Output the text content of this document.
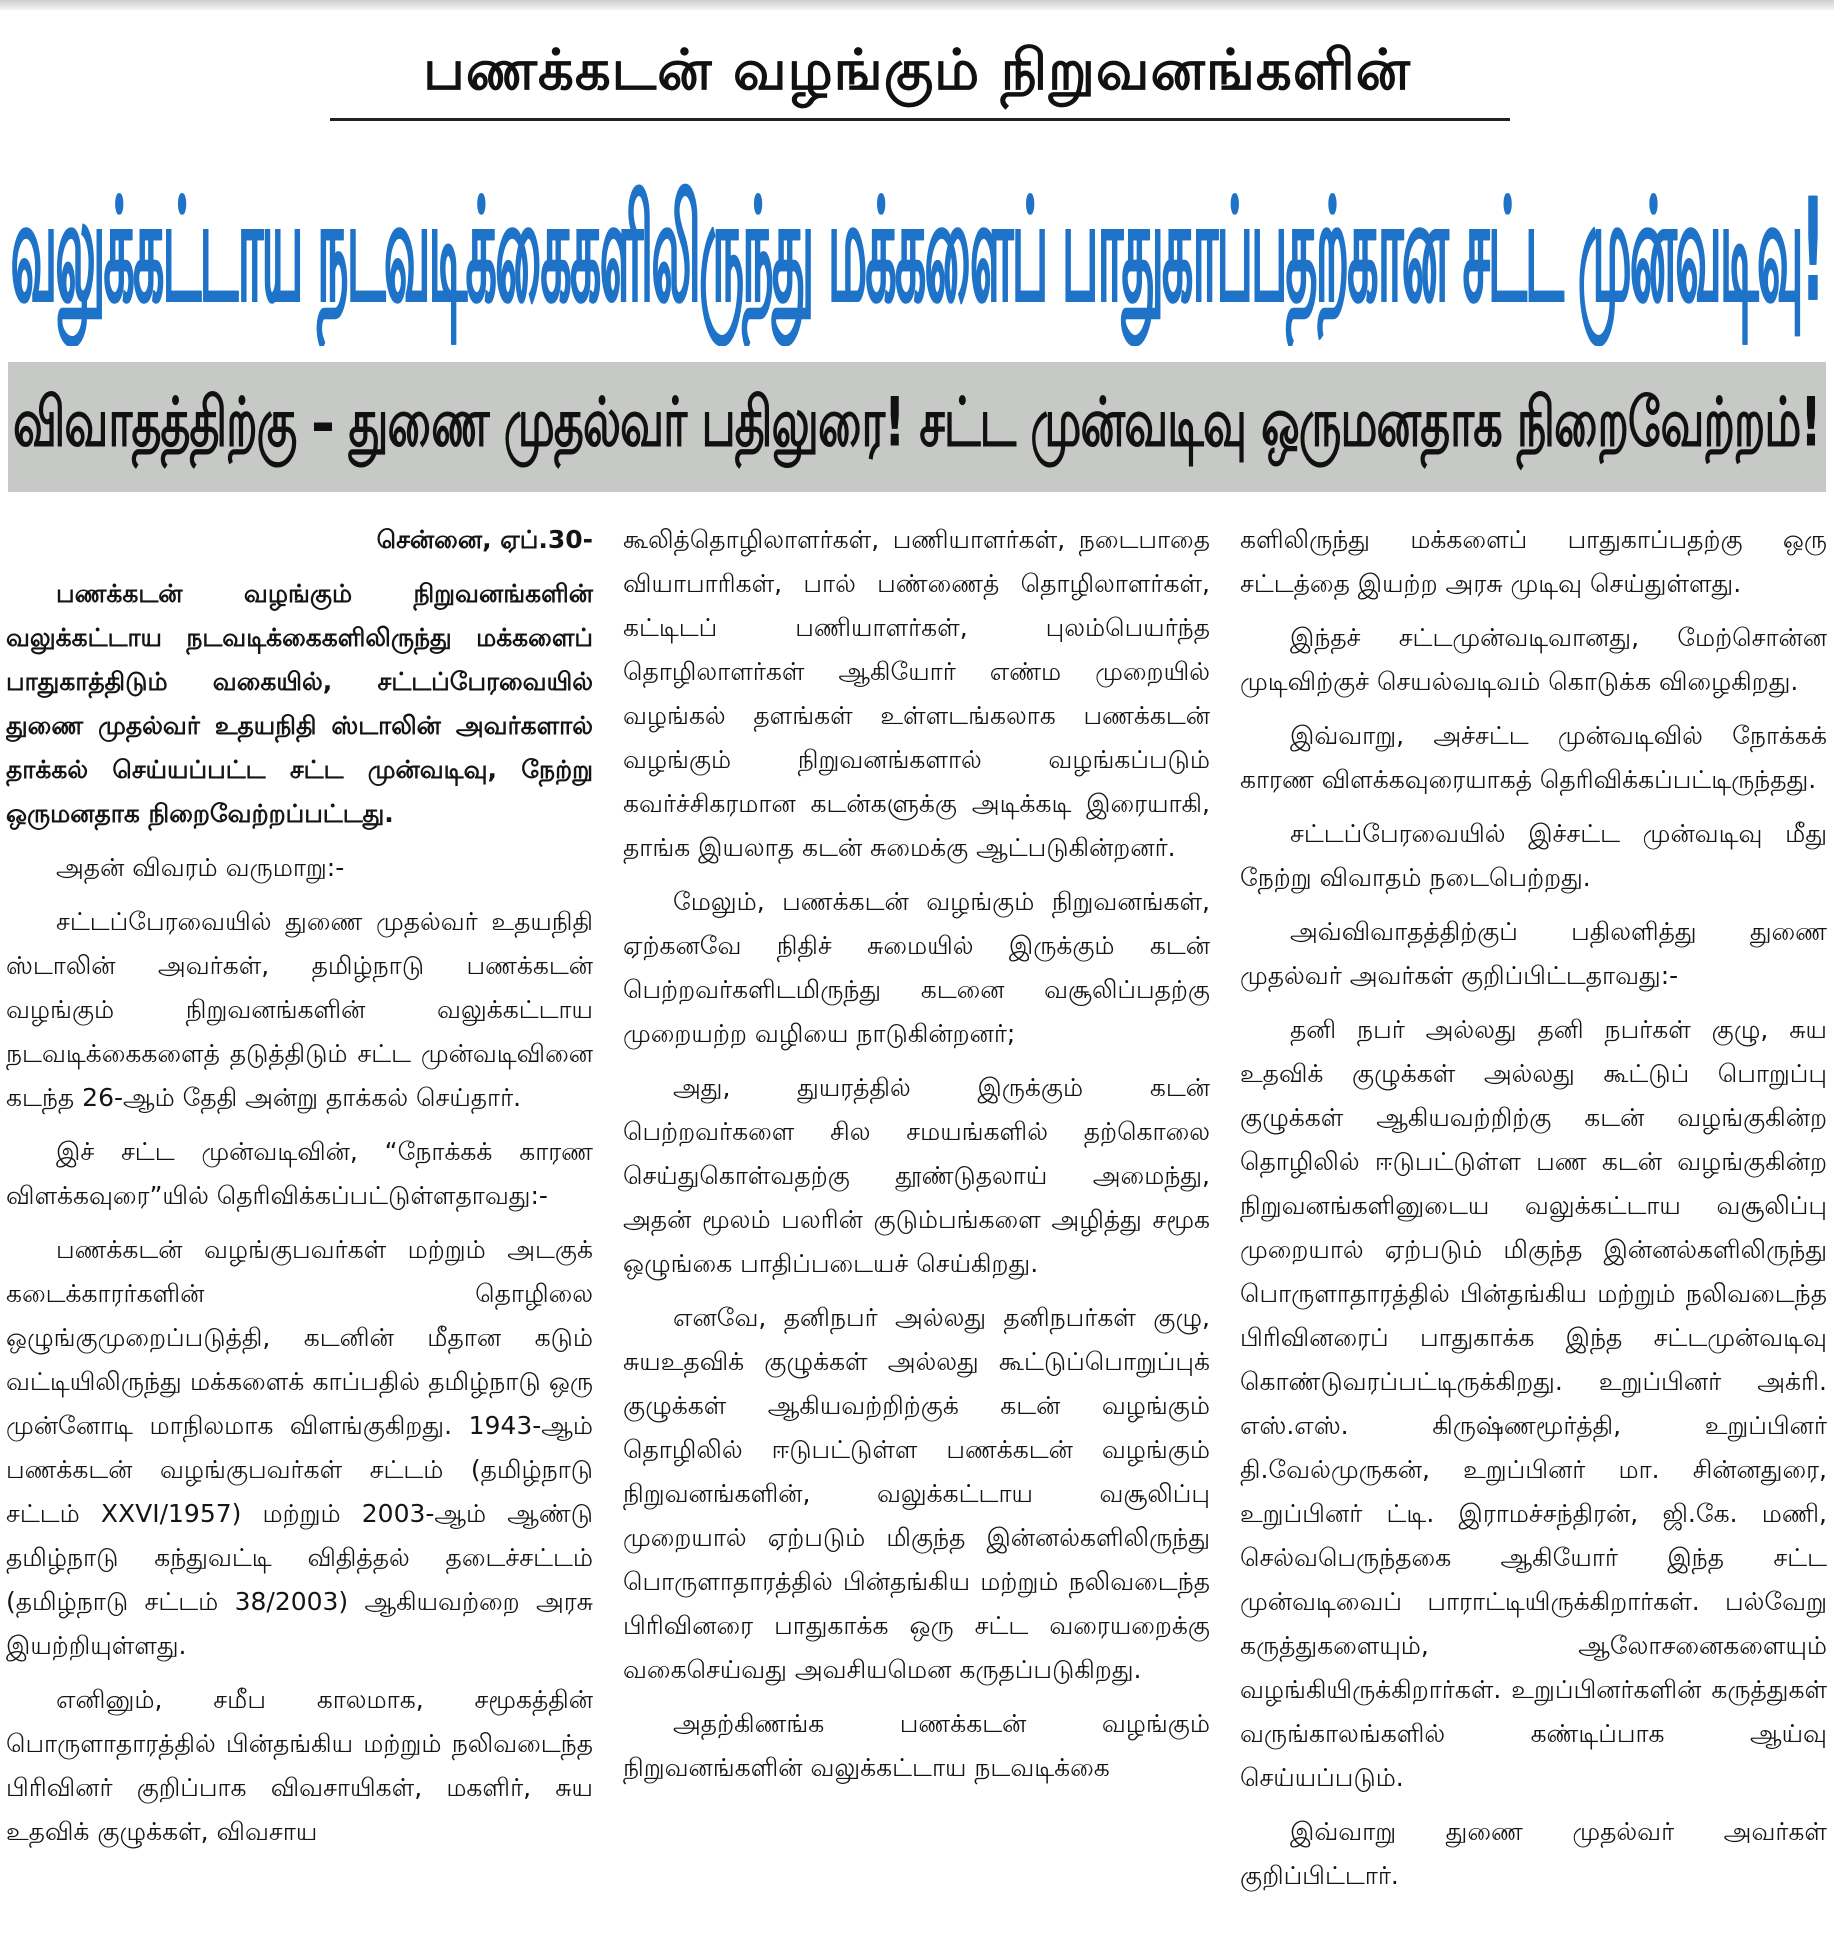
பணக்கடன் வழங்கும் நிறுவனங்களின்
வலுக்கட்டாய நடவடிக்கைகளிலிருந்து மக்களைப் பாதுகாப்பதற்கான சட்ட முன்வடிவு!
விவாதத்திற்கு – துணை முதல்வர் பதிலுரை! சட்ட முன்வடிவு ஒருமனதாக நிறைவேற்றம்!

சென்னை, ஏப்.30-

பணக்கடன் வழங்கும் நிறுவனங்களின் வலுக்கட்டாய நடவடிக்கைகளிலிருந்து மக்களைப் பாதுகாத்திடும் வகையில், சட்டப்பேரவையில் துணை முதல்வர் உதயநிதி ஸ்டாலின் அவர்களால் தாக்கல் செய்யப்பட்ட சட்ட முன்வடிவு, நேற்று ஒருமனதாக நிறைவேற்றப்பட்டது.

அதன் விவரம் வருமாறு:-

சட்டப்பேரவையில் துணை முதல்வர் உதயநிதி ஸ்டாலின் அவர்கள், தமிழ்நாடு பணக்கடன் வழங்கும் நிறுவனங்களின் வலுக்கட்டாய நடவடிக்கைகளைத் தடுத்திடும் சட்ட முன்வடிவினை கடந்த 26-ஆம் தேதி அன்று தாக்கல் செய்தார்.

இச் சட்ட முன்வடிவின், “நோக்கக் காரண விளக்கவுரை”யில் தெரிவிக்கப்பட்டுள்ளதாவது:-

பணக்கடன் வழங்குபவர்கள் மற்றும் அடகுக் கடைக்காரர்களின் தொழிலை ஒழுங்குமுறைப்படுத்தி, கடனின் மீதான கடும் வட்டியிலிருந்து மக்களைக் காப்பதில் தமிழ்நாடு ஒரு முன்னோடி மாநிலமாக விளங்குகிறது. 1943-ஆம் பணக்கடன் வழங்குபவர்கள் சட்டம் (தமிழ்நாடு சட்டம் XXVI/1957) மற்றும் 2003-ஆம் ஆண்டு தமிழ்நாடு கந்துவட்டி விதித்தல் தடைச்சட்டம் (தமிழ்நாடு சட்டம் 38/2003) ஆகியவற்றை அரசு இயற்றியுள்ளது.

எனினும், சமீப காலமாக, சமூகத்தின் பொருளாதாரத்தில் பின்தங்கிய மற்றும் நலிவடைந்த பிரிவினர் குறிப்பாக விவசாயிகள், மகளிர், சுய உதவிக் குழுக்கள், விவசாய

கூலித்தொழிலாளர்கள், பணியாளர்கள், நடைபாதை வியாபாரிகள், பால் பண்ணைத் தொழிலாளர்கள், கட்டிடப் பணியாளர்கள், புலம்பெயர்ந்த தொழிலாளர்கள் ஆகியோர் எண்ம முறையில் வழங்கல் தளங்கள் உள்ளடங்கலாக பணக்கடன் வழங்கும் நிறுவனங்களால் வழங்கப்படும் கவர்ச்சிகரமான கடன்களுக்கு அடிக்கடி இரையாகி, தாங்க இயலாத கடன் சுமைக்கு ஆட்படுகின்றனர்.

மேலும், பணக்கடன் வழங்கும் நிறுவனங்கள், ஏற்கனவே நிதிச் சுமையில் இருக்கும் கடன் பெற்றவர்களிடமிருந்து கடனை வசூலிப்பதற்கு முறையற்ற வழியை நாடுகின்றனர்;

அது, துயரத்தில் இருக்கும் கடன் பெற்றவர்களை சில சமயங்களில் தற்கொலை செய்துகொள்வதற்கு தூண்டுதலாய் அமைந்து, அதன் மூலம் பலரின் குடும்பங்களை அழித்து சமூக ஒழுங்கை பாதிப்படையச் செய்கிறது.

எனவே, தனிநபர் அல்லது தனிநபர்கள் குழு, சுயஉதவிக் குழுக்கள் அல்லது கூட்டுப்பொறுப்புக் குழுக்கள் ஆகியவற்றிற்குக் கடன் வழங்கும் தொழிலில் ஈடுபட்டுள்ள பணக்கடன் வழங்கும் நிறுவனங்களின், வலுக்கட்டாய வசூலிப்பு முறையால் ஏற்படும் மிகுந்த இன்னல்களிலிருந்து பொருளாதாரத்தில் பின்தங்கிய மற்றும் நலிவடைந்த பிரிவினரை பாதுகாக்க ஒரு சட்ட வரையறைக்கு வகைசெய்வது அவசியமென கருதப்படுகிறது.

அதற்கிணங்க பணக்கடன் வழங்கும் நிறுவனங்களின் வலுக்கட்டாய நடவடிக்கை

களிலிருந்து மக்களைப் பாதுகாப்பதற்கு ஒரு சட்டத்தை இயற்ற அரசு முடிவு செய்துள்ளது.

இந்தச் சட்டமுன்வடிவானது, மேற்சொன்ன முடிவிற்குச் செயல்வடிவம் கொடுக்க விழைகிறது.

இவ்வாறு, அச்சட்ட முன்வடிவில் நோக்கக் காரண விளக்கவுரையாகத் தெரிவிக்கப்பட்டிருந்தது.

சட்டப்பேரவையில் இச்சட்ட முன்வடிவு மீது நேற்று விவாதம் நடைபெற்றது.

அவ்விவாதத்திற்குப் பதிலளித்து துணை முதல்வர் அவர்கள் குறிப்பிட்டதாவது:-

தனி நபர் அல்லது தனி நபர்கள் குழு, சுய உதவிக் குழுக்கள் அல்லது கூட்டுப் பொறுப்பு குழுக்கள் ஆகியவற்றிற்கு கடன் வழங்குகின்ற தொழிலில் ஈடுபட்டுள்ள பண கடன் வழங்குகின்ற நிறுவனங்களினுடைய வலுக்கட்டாய வசூலிப்பு முறையால் ஏற்படும் மிகுந்த இன்னல்களிலிருந்து பொருளாதாரத்தில் பின்தங்கிய மற்றும் நலிவடைந்த பிரிவினரைப் பாதுகாக்க இந்த சட்டமுன்வடிவு கொண்டுவரப்பட்டிருக்கிறது. உறுப்பினர் அக்ரி. எஸ்.எஸ். கிருஷ்ணமூர்த்தி, உறுப்பினர் தி.வேல்முருகன், உறுப்பினர் மா. சின்னதுரை, உறுப்பினர் ட்டி. இராமச்சந்திரன், ஜி.கே. மணி, செல்வபெருந்தகை ஆகியோர் இந்த சட்ட முன்வடிவைப் பாராட்டியிருக்கிறார்கள். பல்வேறு கருத்துகளையும், ஆலோசனைகளையும் வழங்கியிருக்கிறார்கள். உறுப்பினர்களின் கருத்துகள் வருங்காலங்களில் கண்டிப்பாக ஆய்வு செய்யப்படும்.

இவ்வாறு துணை முதல்வர் அவர்கள் குறிப்பிட்டார்.
